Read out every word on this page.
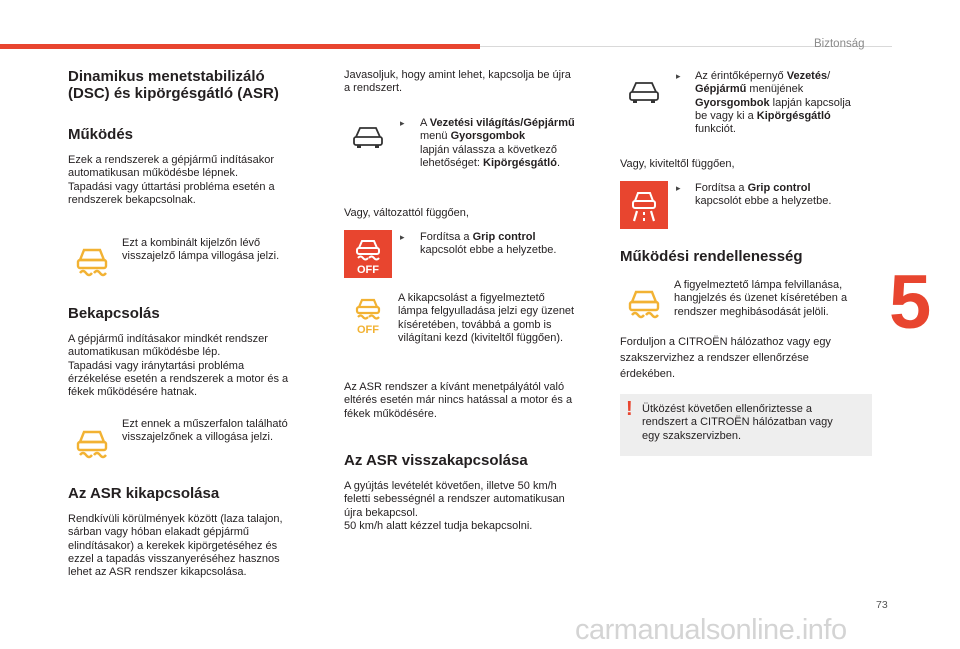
Biztonság
5
73
carmanualsonline.info
Dinamikus menetstabilizáló
(DSC) és kipörgésgátló (ASR)
Működés
Ezek a rendszerek a gépjármű indításakor
automatikusan működésbe lépnek.
Tapadási vagy úttartási probléma esetén a
rendszerek bekapcsolnak.
Ezt a kombinált kijelzőn lévő
visszajelző lámpa villogása jelzi.
Bekapcsolás
A gépjármű indításakor mindkét rendszer
automatikusan működésbe lép.
Tapadási vagy iránytartási probléma
érzékelése esetén a rendszerek a motor és a
fékek működésére hatnak.
Ezt ennek a műszerfalon található
visszajelzőnek a villogása jelzi.
Az ASR kikapcsolása
Rendkívüli körülmények között (laza talajon,
sárban vagy hóban elakadt gépjármű
elindításakor) a kerekek kipörgetéséhez és
ezzel a tapadás visszanyeréséhez hasznos
lehet az ASR rendszer kikapcsolása.
Javasoljuk, hogy amint lehet, kapcsolja be újra
a rendszert.
▸ A Vezetési világítás/Gépjármű
menü Gyorsgombok
lapján válassza a következő
lehetőséget: Kipörgésgátló.
Vagy, változattól függően,
OFF
▸ Fordítsa a Grip control
kapcsolót ebbe a helyzetbe.
OFF
A kikapcsolást a figyelmeztető
lámpa felgyulladása jelzi egy üzenet
kíséretében, továbbá a gomb is
világítani kezd (kiviteltől függően).
Az ASR rendszer a kívánt menetpályától való
eltérés esetén már nincs hatással a motor és a
fékek működésére.
Az ASR visszakapcsolása
A gyújtás levételét követően, illetve 50 km/h
feletti sebességnél a rendszer automatikusan
újra bekapcsol.
50 km/h alatt kézzel tudja bekapcsolni.
▸ Az érintőképernyő Vezetés/
Gépjármű menüjének
Gyorsgombok lapján kapcsolja
be vagy ki a Kipörgésgátló
funkciót.
Vagy, kiviteltől függően,
▸ Fordítsa a Grip control
kapcsolót ebbe a helyzetbe.
Működési rendellenesség
A figyelmeztető lámpa felvillanása,
hangjelzés és üzenet kíséretében a
rendszer meghibásodását jelöli.
Forduljon a CITROËN hálózathoz vagy egy
szakszervizhez a rendszer ellenőrzése
érdekében.
! Ütközést követően ellenőriztesse a
rendszert a CITROËN hálózatban vagy
egy szakszervizben.
